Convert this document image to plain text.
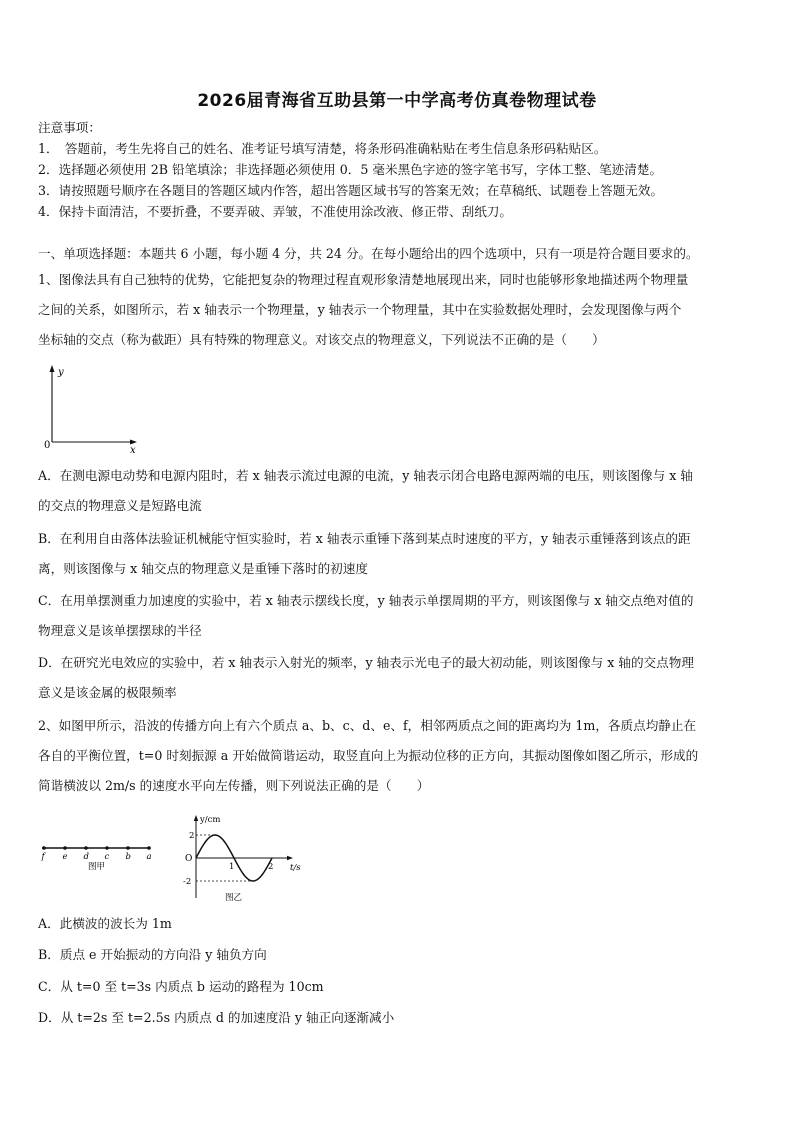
2026届青海省互助县第一中学高考仿真卷物理试卷
注意事项：
1．　答题前，考生先将自己的姓名、准考证号填写清楚，将条形码准确粘贴在考生信息条形码粘贴区。
2．选择题必须使用 2B 铅笔填涂；非选择题必须使用 0．5 毫米黑色字迹的签字笔书写，字体工整、笔迹清楚。
3．请按照题号顺序在各题目的答题区域内作答，超出答题区域书写的答案无效；在草稿纸、试题卷上答题无效。
4．保持卡面清洁，不要折叠，不要弄破、弄皱，不准使用涂改液、修正带、刮纸刀。
一、单项选择题：本题共 6 小题，每小题 4 分，共 24 分。在每小题给出的四个选项中，只有一项是符合题目要求的。
1、图像法具有自己独特的优势，它能把复杂的物理过程直观形象清楚地展现出来，同时也能够形象地描述两个物理量
之间的关系，如图所示，若 x 轴表示一个物理量，y 轴表示一个物理量，其中在实验数据处理时，会发现图像与两个
坐标轴的交点（称为截距）具有特殊的物理意义。对该交点的物理意义，下列说法不正确的是（　　）
y
x
0
A．在测电源电动势和电源内阻时，若 x 轴表示流过电源的电流，y 轴表示闭合电路电源两端的电压，则该图像与 x 轴
的交点的物理意义是短路电流
B．在利用自由落体法验证机械能守恒实验时，若 x 轴表示重锤下落到某点时速度的平方，y 轴表示重锤落到该点的距
离，则该图像与 x 轴交点的物理意义是重锤下落时的初速度
C．在用单摆测重力加速度的实验中，若 x 轴表示摆线长度，y 轴表示单摆周期的平方，则该图像与 x 轴交点绝对值的
物理意义是该单摆摆球的半径
D．在研究光电效应的实验中，若 x 轴表示入射光的频率，y 轴表示光电子的最大初动能，则该图像与 x 轴的交点物理
意义是该金属的极限频率
2、如图甲所示，沿波的传播方向上有六个质点 a、b、c、d、e、f，相邻两质点之间的距离均为 1m，各质点均静止在
各自的平衡位置，t=0 时刻振源 a 开始做简谐运动，取竖直向上为振动位移的正方向，其振动图像如图乙所示，形成的
简谐横波以 2m/s 的速度水平向左传播，则下列说法正确的是（　　）
f e d c b a
图甲
y/cm
t/s
O
2
-2
1	2
图乙
A．此横波的波长为 1m
B．质点 e 开始振动的方向沿 y 轴负方向
C．从 t=0 至 t=3s 内质点 b 运动的路程为 10cm
D．从 t=2s 至 t=2.5s 内质点 d 的加速度沿 y 轴正向逐渐减小
